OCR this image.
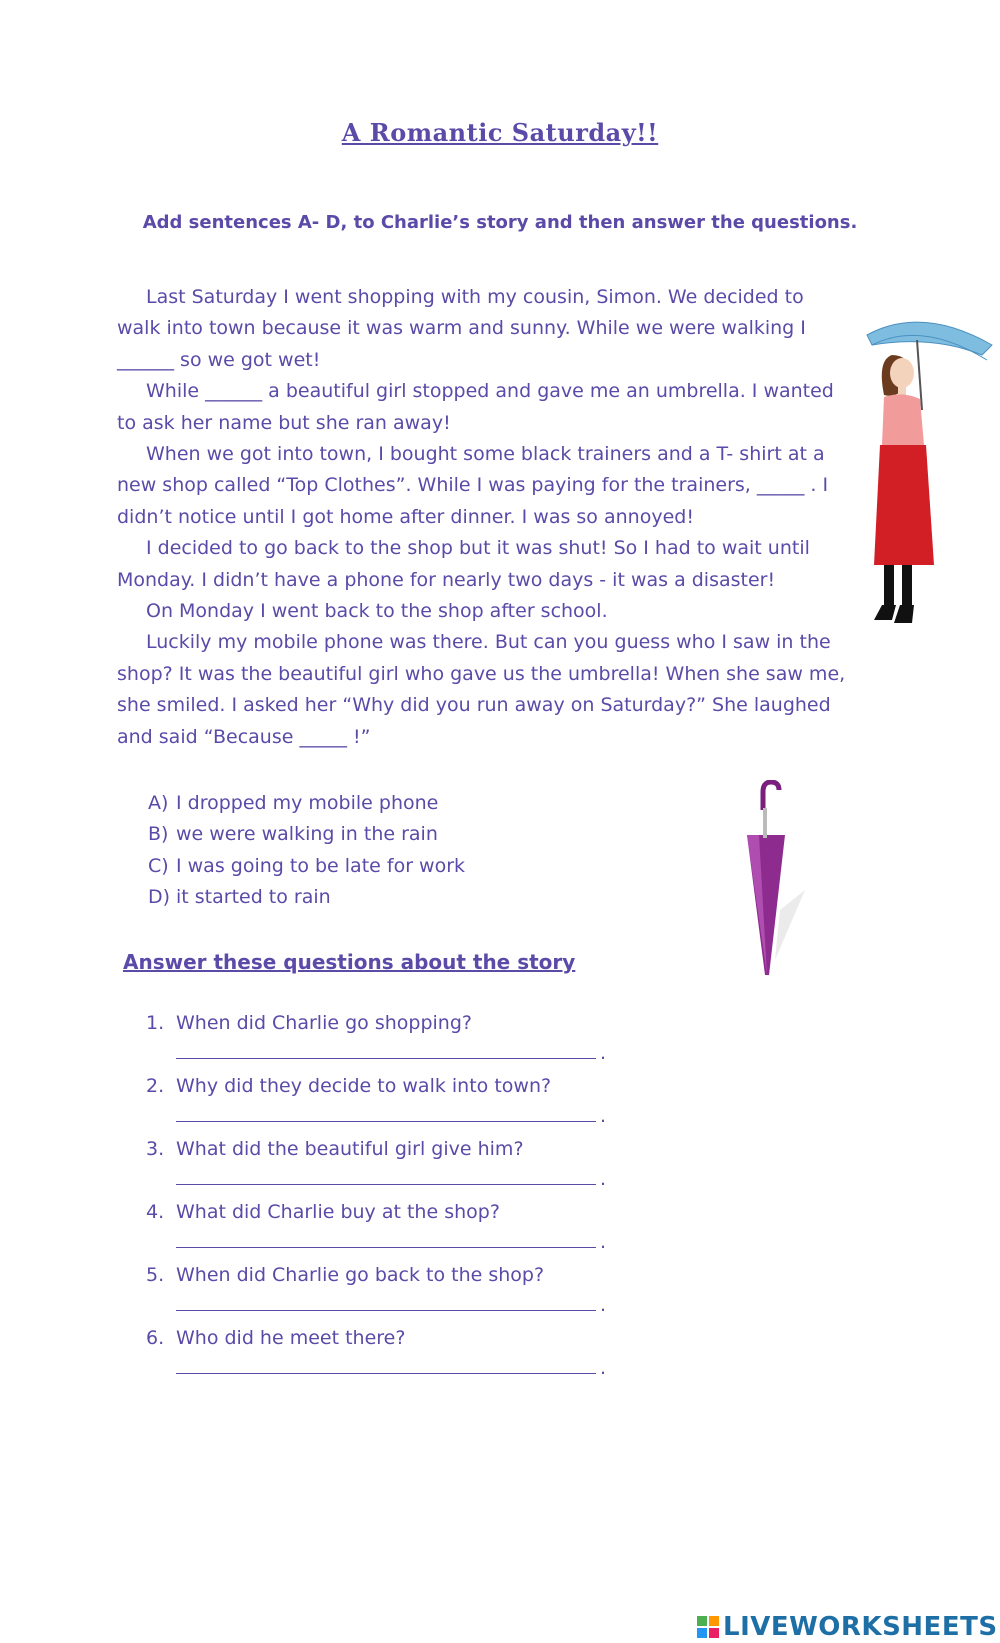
A Romantic Saturday!!
Add sentences A- D, to Charlie’s story and then answer the questions.

Last Saturday I went shopping with my cousin, Simon. We decided to walk into town because it was warm and sunny. While we were walking I ______ so we got wet!

While ______ a beautiful girl stopped and gave me an umbrella. I wanted to ask her name but she ran away!

When we got into town, I bought some black trainers and a T- shirt at a new shop called “Top Clothes”. While I was paying for the trainers, _____ . I didn’t notice until I got home after dinner. I was so annoyed!

I decided to go back to the shop but it was shut! So I had to wait until Monday. I didn’t have a phone for nearly two days - it was a disaster!

On Monday I went back to the shop after school.

Luckily my mobile phone was there. But can you guess who I saw in the shop? It was the beautiful girl who gave us the umbrella! When she saw me, she smiled. I asked her “Why did you run away on Saturday?” She laughed and said “Because _____ !”

A) I dropped my mobile phone
B) we were walking in the rain
C) I was going to be late for work
D) it started to rain
Answer these questions about the story
1. When did Charlie go shopping?
.
2. Why did they decide to walk into town?
.
3. What did the beautiful girl give him?
.
4. What did Charlie buy at the shop?
.
5. When did Charlie go back to the shop?
.
6. Who did he meet there?
.
LIVEWORKSHEETS
